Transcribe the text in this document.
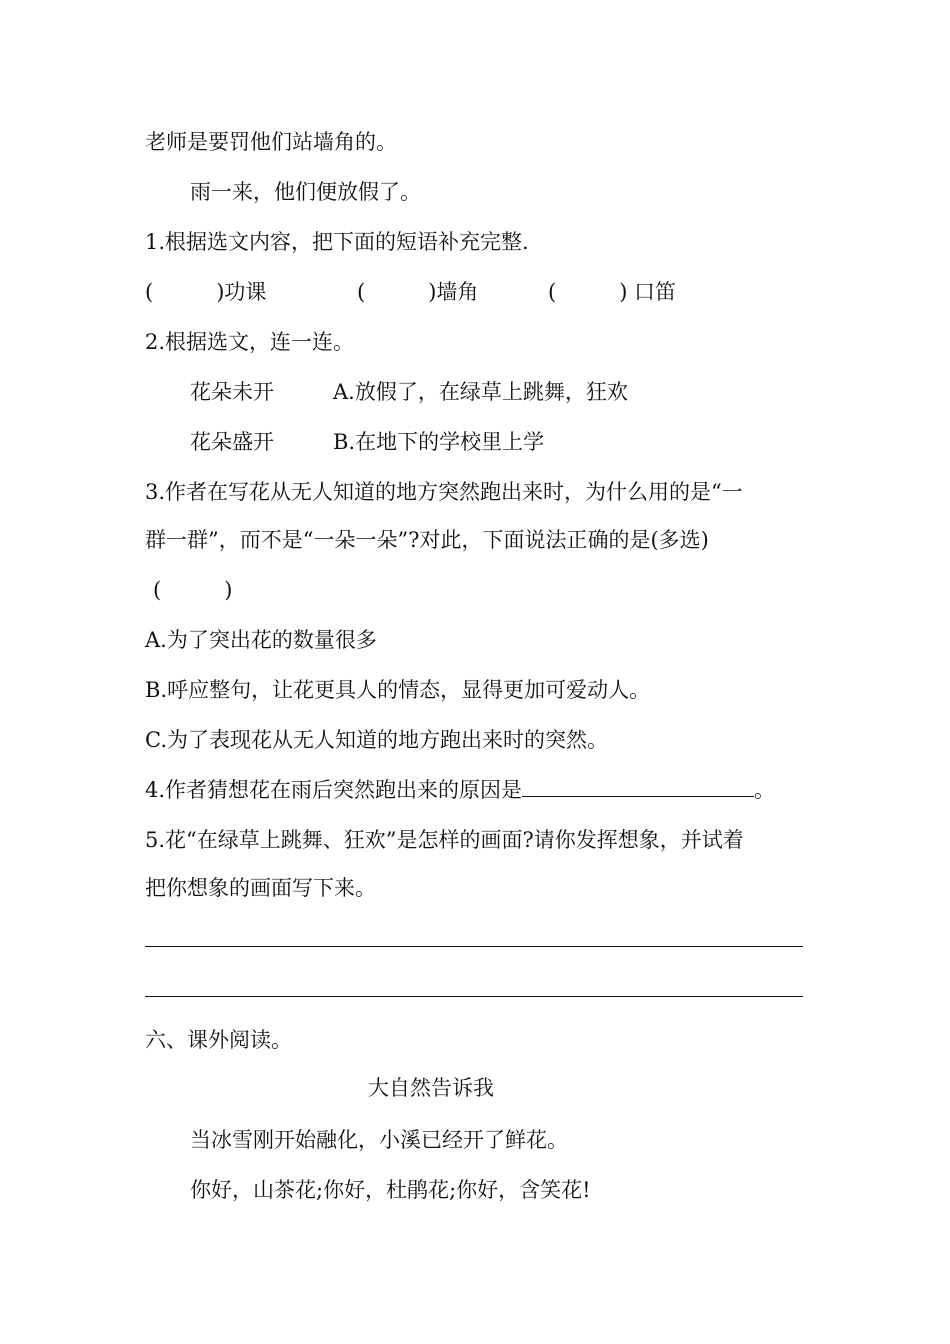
老师是要罚他们站墙角的。
雨一来，他们便放假了。
1.根据选文内容，把下面的短语补充完整.
(　　　)功课	(　　　)墙角	(　　　) 口笛
2.根据选文，连一连。
花朵未开	A.放假了，在绿草上跳舞，狂欢
花朵盛开	B.在地下的学校里上学
3.作者在写花从无人知道的地方突然跑出来时，为什么用的是“一
群一群”，而不是“一朵一朵”?对此，下面说法正确的是(多选)
(　　　)
A.为了突出花的数量很多
B.呼应整句，让花更具人的情态，显得更加可爱动人。
C.为了表现花从无人知道的地方跑出来时的突然。
4.作者猜想花在雨后突然跑出来的原因是	。
5.花“在绿草上跳舞、狂欢”是怎样的画面?请你发挥想象，并试着
把你想象的画面写下来。
六、课外阅读。
大自然告诉我
当冰雪刚开始融化，小溪已经开了鲜花。
你好，山茶花;你好，杜鹃花;你好，含笑花!
